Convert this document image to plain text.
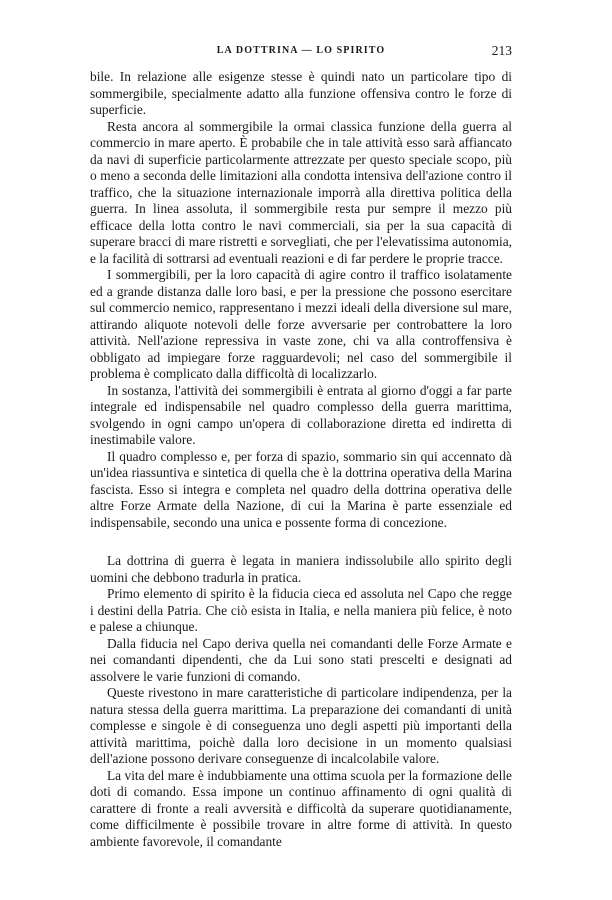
LA DOTTRINA — LO SPIRITO	213

bile. In relazione alle esigenze stesse è quindi nato un particolare tipo di sommergibile, specialmente adatto alla funzione offensiva contro le forze di superficie.

Resta ancora al sommergibile la ormai classica funzione della guerra al commercio in mare aperto. È probabile che in tale attività esso sarà affiancato da navi di superficie particolarmente attrezzate per questo speciale scopo, più o meno a seconda delle limitazioni alla condotta intensiva dell'azione contro il traffico, che la situazione internazionale imporrà alla direttiva politica della guerra. In linea assoluta, il sommergibile resta pur sempre il mezzo più efficace della lotta contro le navi commerciali, sia per la sua capacità di superare bracci di mare ristretti e sorvegliati, che per l'elevatissima autonomia, e la facilità di sottrarsi ad eventuali reazioni e di far perdere le proprie tracce.

I sommergibili, per la loro capacità di agire contro il traffico isolatamente ed a grande distanza dalle loro basi, e per la pressione che possono esercitare sul commercio nemico, rappresentano i mezzi ideali della diversione sul mare, attirando aliquote notevoli delle forze avversarie per controbattere la loro attività. Nell'azione repressiva in vaste zone, chi va alla controffensiva è obbligato ad impiegare forze ragguardevoli; nel caso del sommergibile il problema è complicato dalla difficoltà di localizzarlo.

In sostanza, l'attività dei sommergibili è entrata al giorno d'oggi a far parte integrale ed indispensabile nel quadro complesso della guerra marittima, svolgendo in ogni campo un'opera di collaborazione diretta ed indiretta di inestimabile valore.

Il quadro complesso e, per forza di spazio, sommario sin qui accennato dà un'idea riassuntiva e sintetica di quella che è la dottrina operativa della Marina fascista. Esso si integra e completa nel quadro della dottrina operativa delle altre Forze Armate della Nazione, di cui la Marina è parte essenziale ed indispensabile, secondo una unica e possente forma di concezione.

La dottrina di guerra è legata in maniera indissolubile allo spirito degli uomini che debbono tradurla in pratica.

Primo elemento di spirito è la fiducia cieca ed assoluta nel Capo che regge i destini della Patria. Che ciò esista in Italia, e nella maniera più felice, è noto e palese a chiunque.

Dalla fiducia nel Capo deriva quella nei comandanti delle Forze Armate e nei comandanti dipendenti, che da Lui sono stati prescelti e designati ad assolvere le varie funzioni di comando.

Queste rivestono in mare caratteristiche di particolare indipendenza, per la natura stessa della guerra marittima. La preparazione dei comandanti di unità complesse e singole è di conseguenza uno degli aspetti più importanti della attività marittima, poichè dalla loro decisione in un momento qualsiasi dell'azione possono derivare conseguenze di incalcolabile valore.

La vita del mare è indubbiamente una ottima scuola per la formazione delle doti di comando. Essa impone un continuo affinamento di ogni qualità di carattere di fronte a reali avversità e difficoltà da superare quotidianamente, come difficilmente è possibile trovare in altre forme di attività. In questo ambiente favorevole, il comandante
